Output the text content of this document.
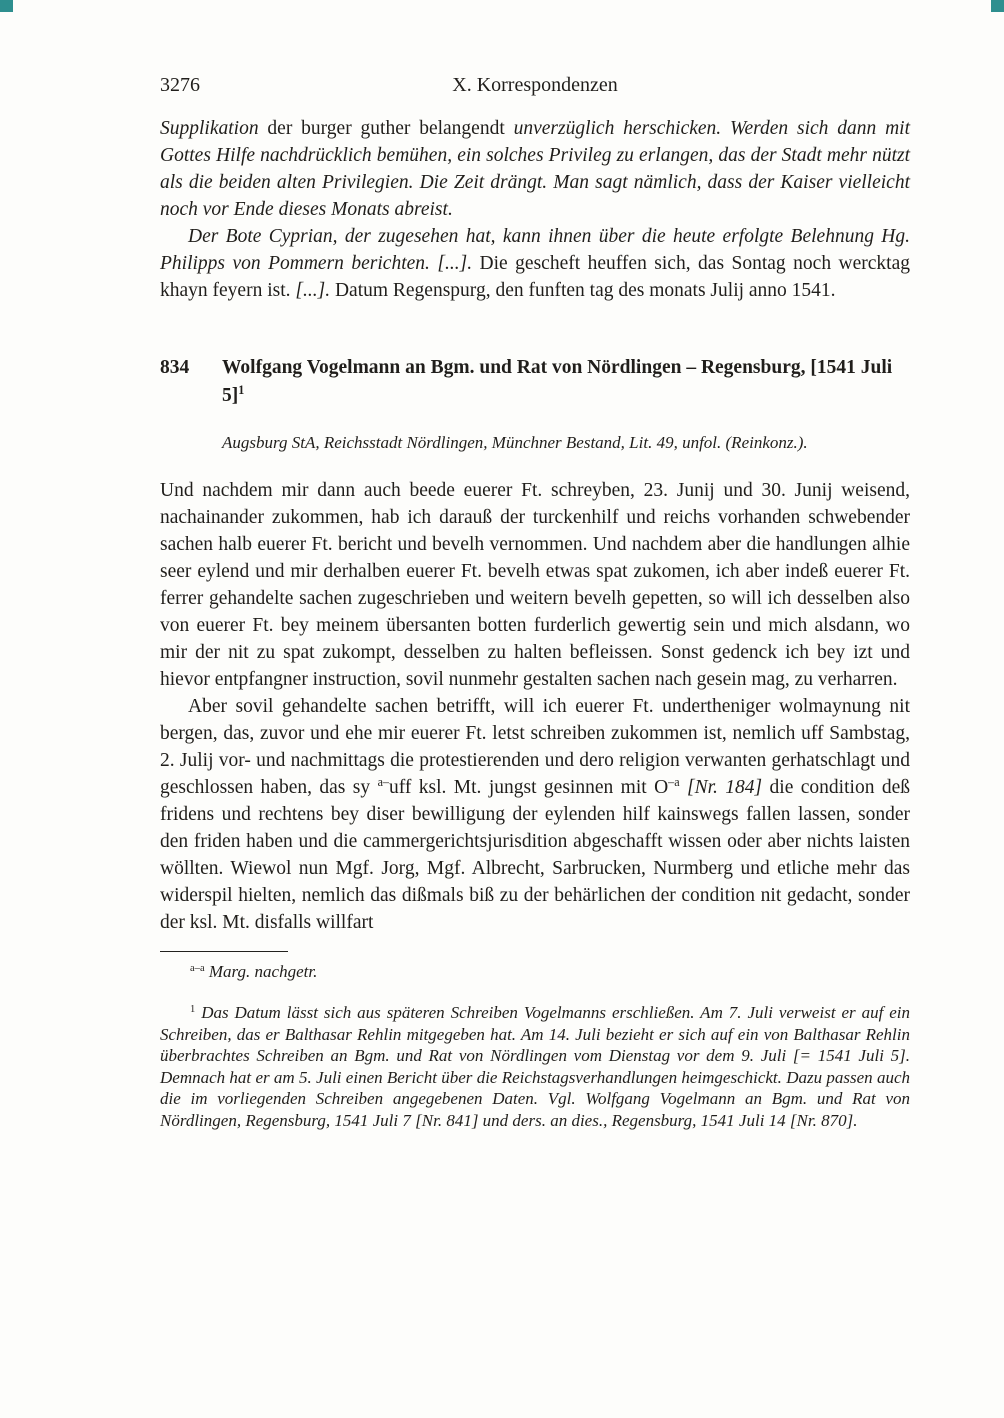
3276	X. Korrespondenzen

Supplikation der burger guther belangendt unverzüglich herschicken. Werden sich dann mit Gottes Hilfe nachdrücklich bemühen, ein solches Privileg zu erlangen, das der Stadt mehr nützt als die beiden alten Privilegien. Die Zeit drängt. Man sagt nämlich, dass der Kaiser vielleicht noch vor Ende dieses Monats abreist.

Der Bote Cyprian, der zugesehen hat, kann ihnen über die heute erfolgte Belehnung Hg. Philipps von Pommern berichten. [...]. Die gescheft heuffen sich, das Sontag noch wercktag khayn feyern ist. [...]. Datum Regenspurg, den funften tag des monats Julij anno 1541.

834	Wolfgang Vogelmann an Bgm. und Rat von Nördlingen – Regensburg, [1541 Juli 5]$^1$

Augsburg StA, Reichsstadt Nördlingen, Münchner Bestand, Lit. 49, unfol. (Reinkonz.).

Und nachdem mir dann auch beede euerer Ft. schreyben, 23. Junij und 30. Junij weisend, nachainander zukommen, hab ich darauß der turckenhilf und reichs vorhanden schwebender sachen halb euerer Ft. bericht und bevelh vernommen. Und nachdem aber die handlungen alhie seer eylend und mir derhalben euerer Ft. bevelh etwas spat zukomen, ich aber indeß euerer Ft. ferrer gehandelte sachen zugeschrieben und weitern bevelh gepetten, so will ich desselben also von euerer Ft. bey meinem übersanten botten furderlich gewertig sein und mich alsdann, wo mir der nit zu spat zukompt, desselben zu halten befleissen. Sonst gedenck ich bey izt und hievor entpfangner instruction, sovil nunmehr gestalten sachen nach gesein mag, zu verharren.

Aber sovil gehandelte sachen betrifft, will ich euerer Ft. undertheniger wolmaynung nit bergen, das, zuvor und ehe mir euerer Ft. letst schreiben zukommen ist, nemlich uff Sambstag, 2. Julij vor- und nachmittags die protestierenden und dero religion verwanten gerhatschlagt und geschlossen haben, das sy $^{a-}$uff ksl. Mt. jungst gesinnen mit $O^{-a}$ [Nr. 184] die condition deß fridens und rechtens bey diser bewilligung der eylenden hilf kainswegs fallen lassen, sonder den friden haben und die cammergerichtsjurisdition abgeschafft wissen oder aber nichts laisten wöllten. Wiewol nun Mgf. Jorg, Mgf. Albrecht, Sarbrucken, Nurmberg und etliche mehr das widerspil hielten, nemlich das dißmals biß zu der behärlichen der condition nit gedacht, sonder der ksl. Mt. disfalls willfart

$^{a-a}$ Marg. nachgetr.

$^1$ Das Datum lässt sich aus späteren Schreiben Vogelmanns erschließen. Am 7. Juli verweist er auf ein Schreiben, das er Balthasar Rehlin mitgegeben hat. Am 14. Juli bezieht er sich auf ein von Balthasar Rehlin überbrachtes Schreiben an Bgm. und Rat von Nördlingen vom Dienstag vor dem 9. Juli [= 1541 Juli 5]. Demnach hat er am 5. Juli einen Bericht über die Reichstagsverhandlungen heimgeschickt. Dazu passen auch die im vorliegenden Schreiben angegebenen Daten. Vgl. Wolfgang Vogelmann an Bgm. und Rat von Nördlingen, Regensburg, 1541 Juli 7 [Nr. 841] und ders. an dies., Regensburg, 1541 Juli 14 [Nr. 870].
